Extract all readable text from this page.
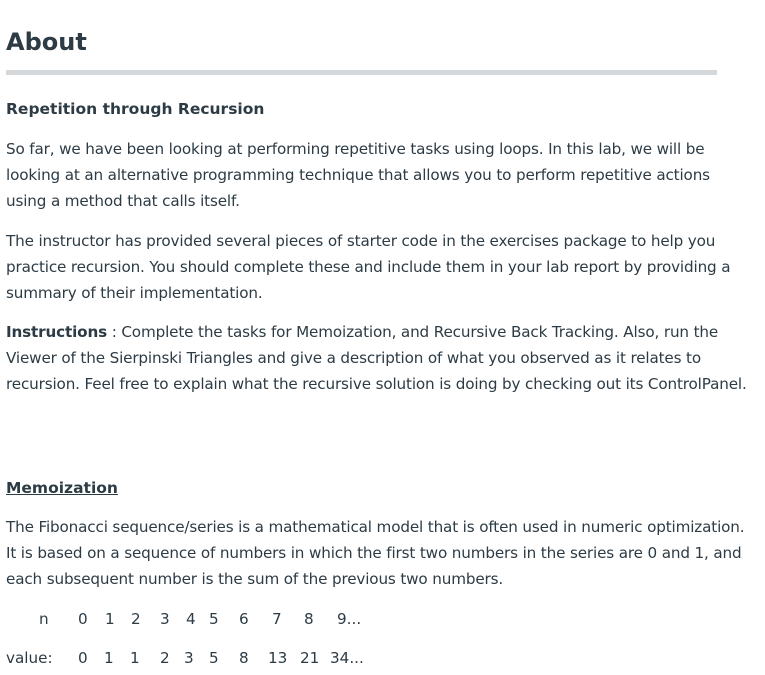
About
Repetition through Recursion

So far, we have been looking at performing repetitive tasks using loops. In this lab, we will be looking at an alternative programming technique that allows you to perform repetitive actions using a method that calls itself.

The instructor has provided several pieces of starter code in the exercises package to help you practice recursion. You should complete these and include them in your lab report by providing a summary of their implementation.

Instructions : Complete the tasks for Memoization, and Recursive Back Tracking. Also, run the Viewer of the Sierpinski Triangles and give a description of what you observed as it relates to recursion. Feel free to explain what the recursive solution is doing by checking out its ControlPanel.

Memoization

The Fibonacci sequence/series is a mathematical model that is often used in numeric optimization. It is based on a sequence of numbers in which the first two numbers in the series are 0 and 1, and each subsequent number is the sum of the previous two numbers.

n 0 1 2 3 4 5 6 7 8 9...
value: 0 1 1 2 3 5 8 13 21 34...
